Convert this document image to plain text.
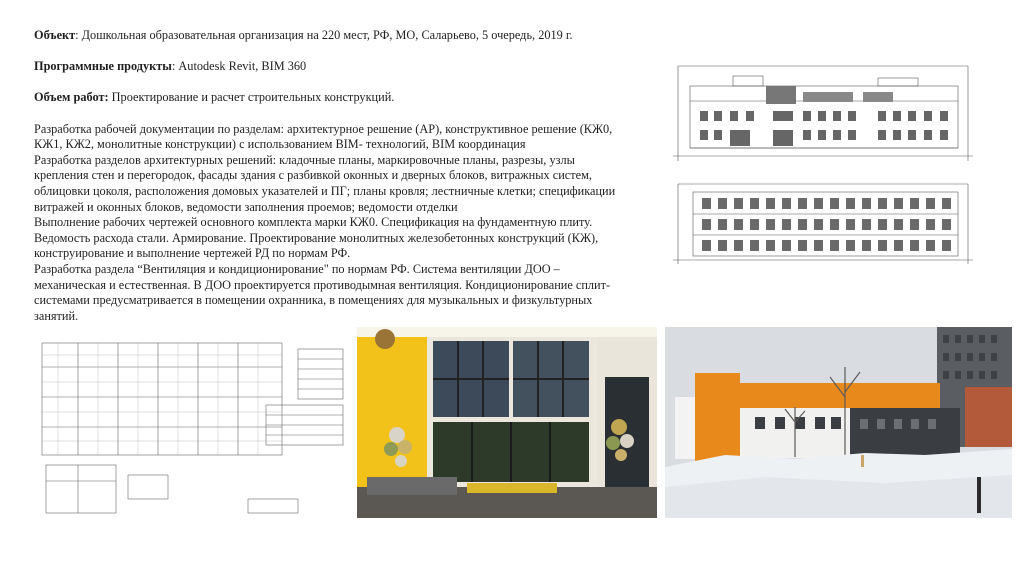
Объект: Дошкольная образовательная организация на 220 мест, РФ, МО, Саларьево, 5 очередь, 2019 г.

Программные продукты: Autodesk Revit, BIM 360

Объем работ: Проектирование и расчет строительных конструкций.

Разработка рабочей документации по разделам: архитектурное решение (АР), конструктивное решение (КЖ0,

КЖ1, КЖ2, монолитные конструкции) с использованием BIM- технологий, BIM координация

Разработка разделов архитектурных решений: кладочные планы, маркировочные планы, разрезы, узлы

крепления стен и перегородок, фасады здания с разбивкой оконных и дверных блоков, витражных систем,

облицовки цоколя, расположения домовых указателей и ПГ; планы кровля; лестничные клетки; спецификации

витражей и оконных блоков, ведомости заполнения проемов; ведомости отделки

Выполнение рабочих чертежей основного комплекта марки КЖ0. Спецификация на фундаментную плиту.

Ведомость расхода стали. Армирование. Проектирование монолитных железобетонных конструкций (КЖ),

конструирование и выполнение чертежей РД по нормам РФ.

Разработка раздела “Вентиляция и кондиционирование" по нормам РФ. Система вентиляции ДОО –

механическая и естественная. В ДОО проектируется противодымная вентиляция. Кондиционирование сплит-

системами предусматривается в помещении охранника, в помещениях для музыкальных и физкультурных

занятий.
